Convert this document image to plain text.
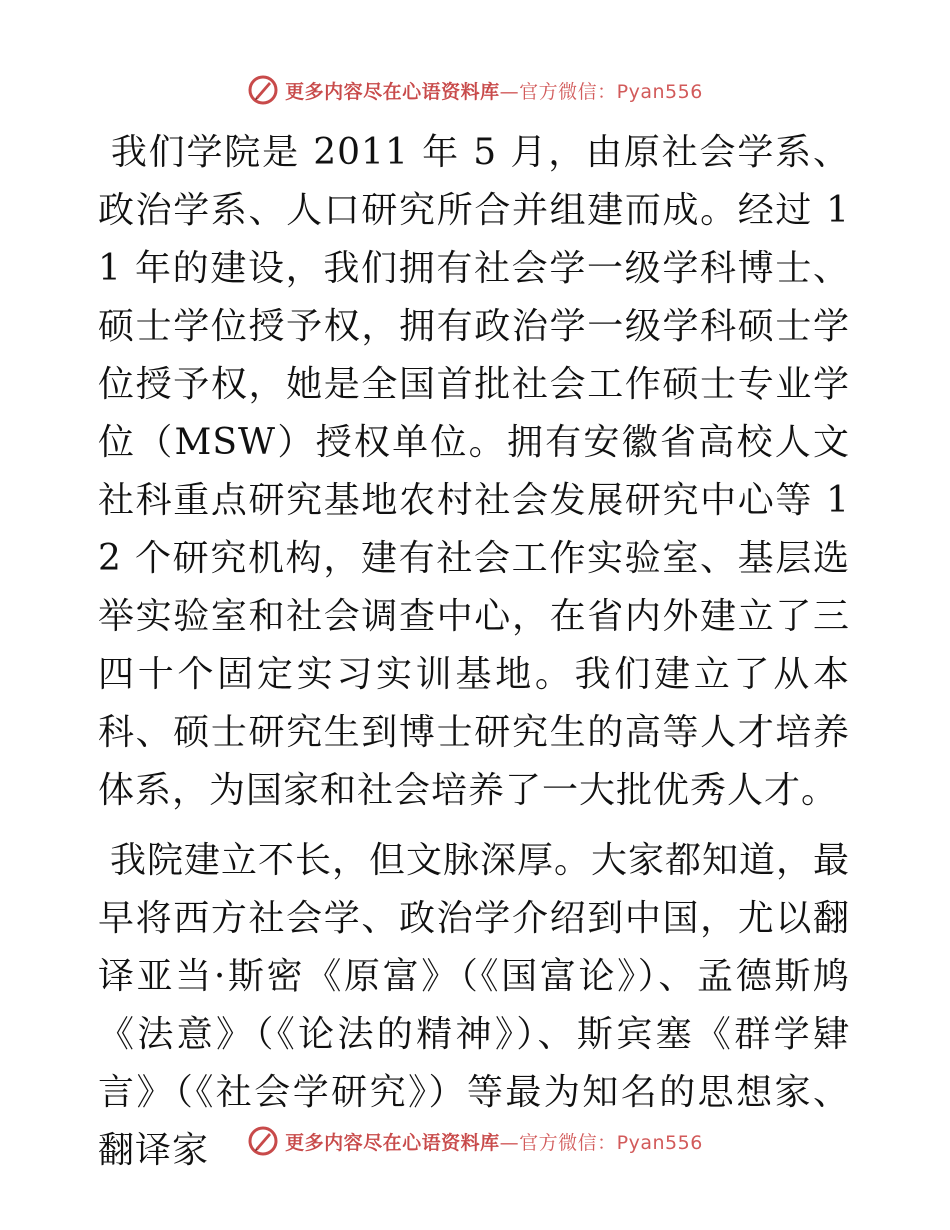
更多内容尽在心语资料库—官方微信：Pyan556

我们学院是 2011 年 5 月，由原社会学系、政治学系、人口研究所合并组建而成。经过 11 年的建设，我们拥有社会学一级学科博士、硕士学位授予权，拥有政治学一级学科硕士学位授予权，她是全国首批社会工作硕士专业学位（MSW）授权单位。拥有安徽省高校人文社科重点研究基地农村社会发展研究中心等 12 个研究机构，建有社会工作实验室、基层选举实验室和社会调查中心，在省内外建立了三四十个固定实习实训基地。我们建立了从本科、硕士研究生到博士研究生的高等人才培养体系，为国家和社会培养了一大批优秀人才。

我院建立不长，但文脉深厚。大家都知道，最早将西方社会学、政治学介绍到中国，尤以翻译亚当·斯密《原富》（《国富论》）、孟德斯鸠《法意》（《论法的精神》）、斯宾塞《群学肄言》（《社会学研究》）等最为知名的思想家、翻译家	更多内容尽在心语资料库—官方微信：Pyan556
